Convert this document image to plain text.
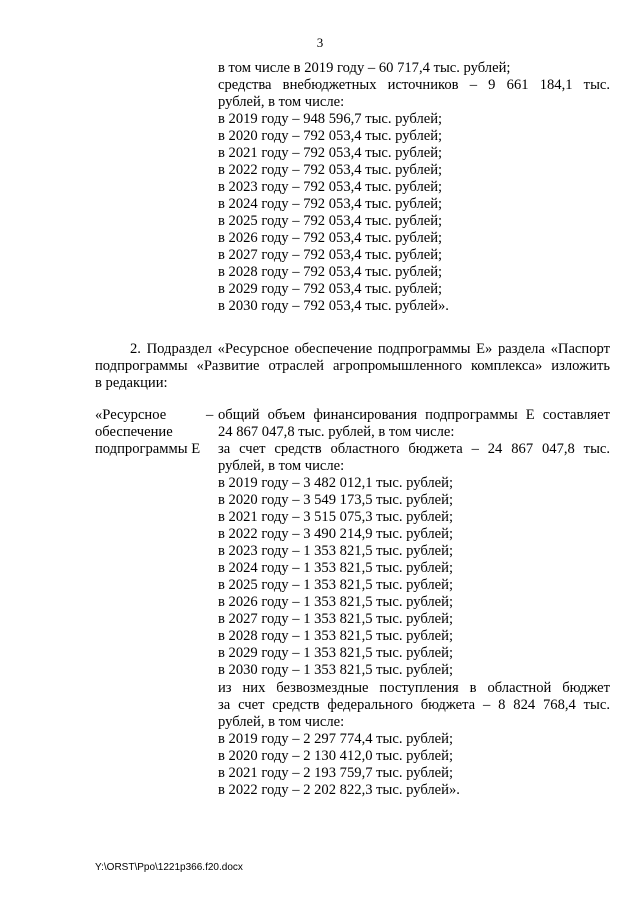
3
в том числе в 2019 году – 60 717,4 тыс. рублей;
средства внебюджетных источников – 9 661 184,1 тыс.
рублей, в том числе:
в 2019 году – 948 596,7 тыс. рублей;
в 2020 году – 792 053,4 тыс. рублей;
в 2021 году – 792 053,4 тыс. рублей;
в 2022 году – 792 053,4 тыс. рублей;
в 2023 году – 792 053,4 тыс. рублей;
в 2024 году – 792 053,4 тыс. рублей;
в 2025 году – 792 053,4 тыс. рублей;
в 2026 году – 792 053,4 тыс. рублей;
в 2027 году – 792 053,4 тыс. рублей;
в 2028 году – 792 053,4 тыс. рублей;
в 2029 году – 792 053,4 тыс. рублей;
в 2030 году – 792 053,4 тыс. рублей».
2. Подраздел «Ресурсное обеспечение подпрограммы Е» раздела «Паспорт
подпрограммы «Развитие отраслей агропромышленного комплекса» изложить
в редакции:
«Ресурсное
обеспечение
подпрограммы Е
– общий объем финансирования подпрограммы Е составляет
24 867 047,8 тыс. рублей, в том числе:
за счет средств областного бюджета – 24 867 047,8 тыс.
рублей, в том числе:
в 2019 году – 3 482 012,1 тыс. рублей;
в 2020 году – 3 549 173,5 тыс. рублей;
в 2021 году – 3 515 075,3 тыс. рублей;
в 2022 году – 3 490 214,9 тыс. рублей;
в 2023 году – 1 353 821,5 тыс. рублей;
в 2024 году – 1 353 821,5 тыс. рублей;
в 2025 году – 1 353 821,5 тыс. рублей;
в 2026 году – 1 353 821,5 тыс. рублей;
в 2027 году – 1 353 821,5 тыс. рублей;
в 2028 году – 1 353 821,5 тыс. рублей;
в 2029 году – 1 353 821,5 тыс. рублей;
в 2030 году – 1 353 821,5 тыс. рублей;
из них безвозмездные поступления в областной бюджет
за счет средств федерального бюджета – 8 824 768,4 тыс.
рублей, в том числе:
в 2019 году – 2 297 774,4 тыс. рублей;
в 2020 году – 2 130 412,0 тыс. рублей;
в 2021 году – 2 193 759,7 тыс. рублей;
в 2022 году – 2 202 822,3 тыс. рублей».
Y:\ORST\Ppo\1221p366.f20.docx
